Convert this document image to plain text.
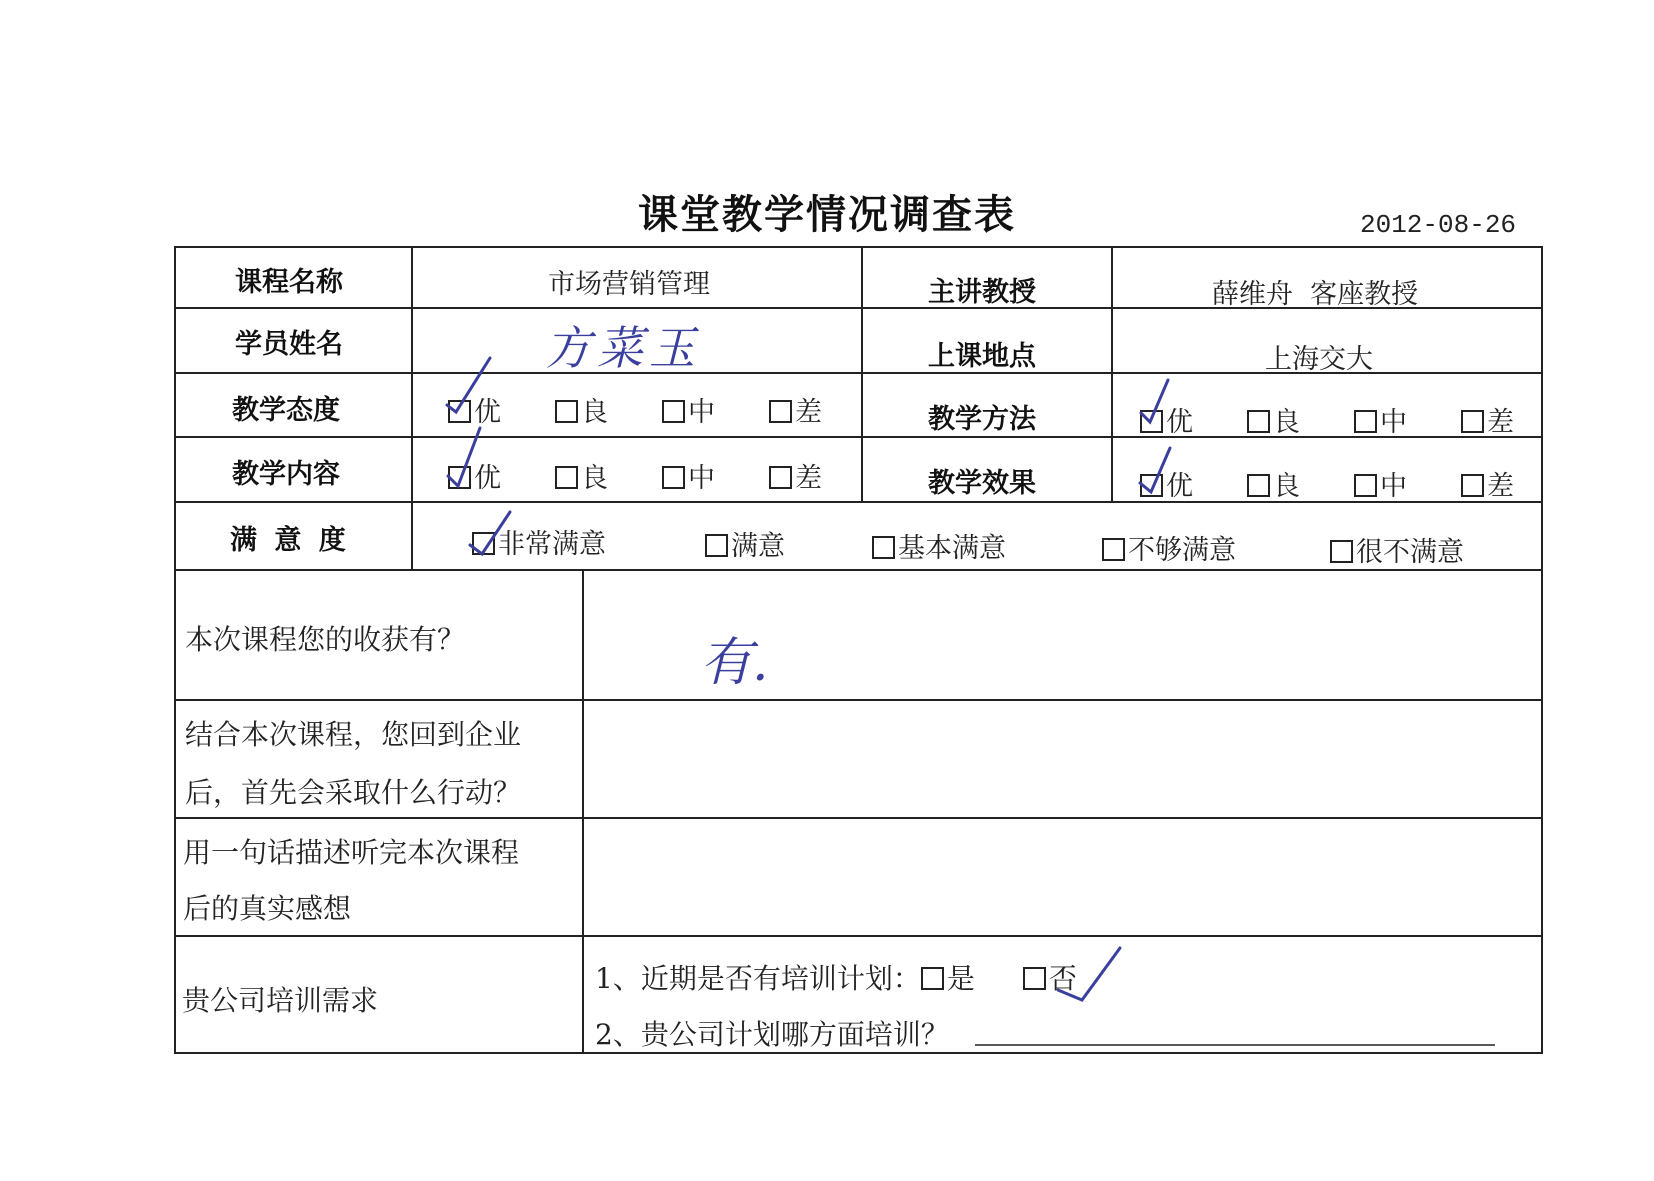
课堂教学情况调查表	2012-08-26
课程名称	市场营销管理	主讲教授	薛维舟  客座教授
学员姓名	方菜玉	上课地点	上海交大
教学态度	优	良	中	差	教学方法	优	良	中	差
教学内容	优	良	中	差	教学效果	优	良	中	差
满 意 度	非常满意	满意	基本满意	不够满意	很不满意
本次课程您的收获有？	有.
结合本次课程，您回到企业
后，首先会采取什么行动？
用一句话描述听完本次课程
后的真实感想
贵公司培训需求
1、近期是否有培训计划： 是	否
2、贵公司计划哪方面培训？
